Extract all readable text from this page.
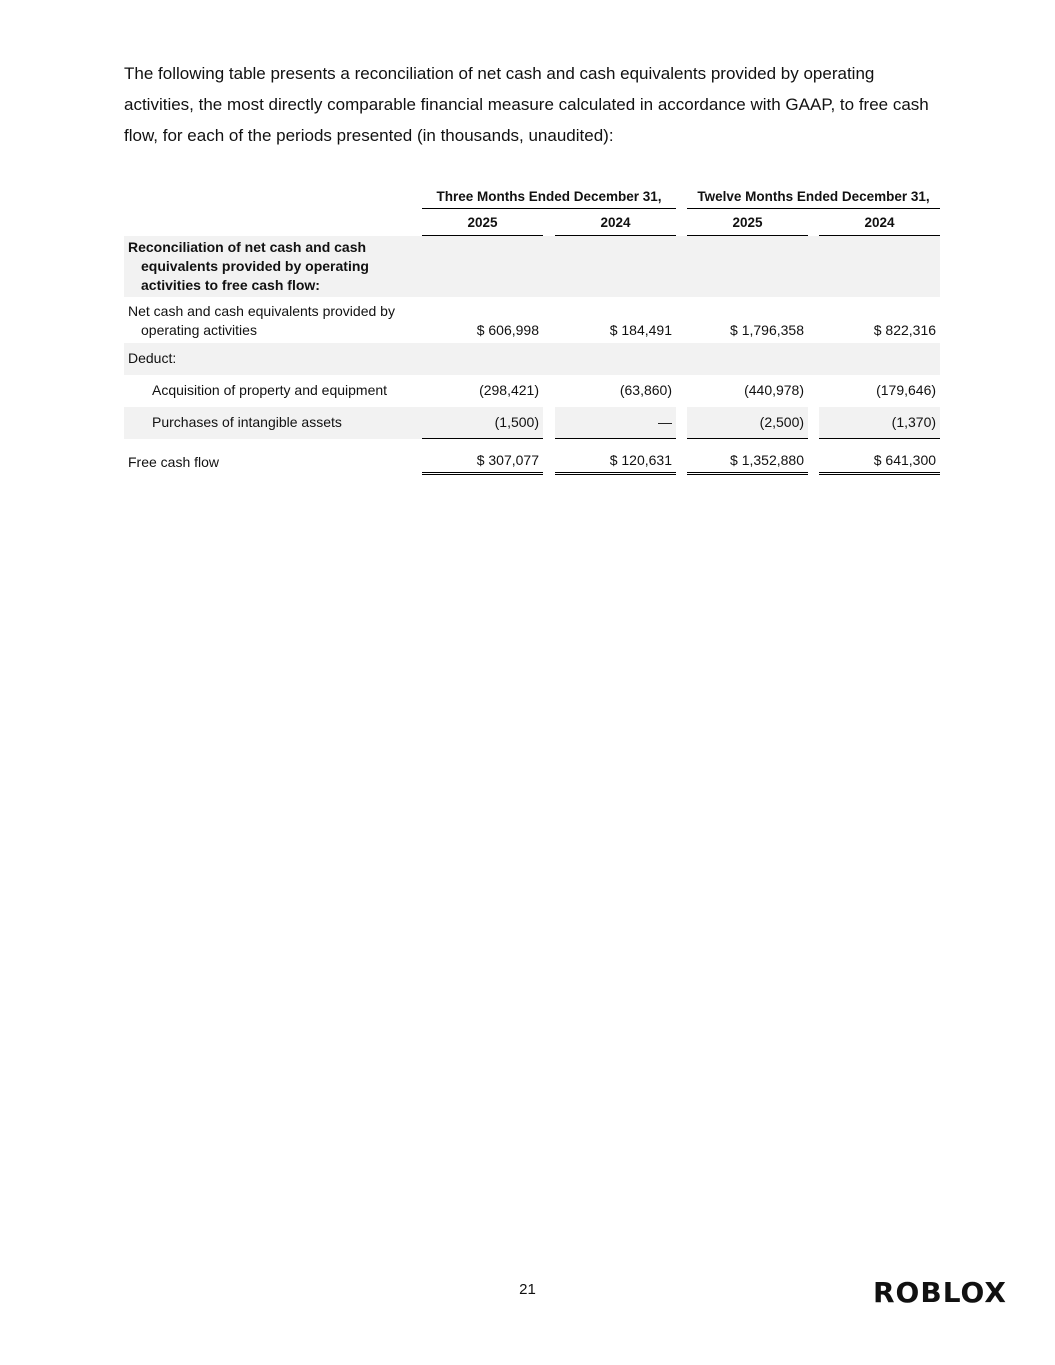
The following table presents a reconciliation of net cash and cash equivalents provided by operating activities, the most directly comparable financial measure calculated in accordance with GAAP, to free cash flow, for each of the periods presented (in thousands, unaudited):

	Three Months Ended December 31,				Twelve Months Ended December 31,		
	2025		2024		2025		2024

Reconciliation of net cash and cash equivalents provided by operating activities to free cash flow:							

Net cash and cash equivalents provided by operating activities	$ 606,998		$ 184,491		$ 1,796,358		$ 822,316
Deduct:							
Acquisition of property and equipment	(298,421)		(63,860)		(440,978)		(179,646)
Purchases of intangible assets	(1,500)		—		(2,500)		(1,370)
Free cash flow	$ 307,077		$ 120,631		$ 1,352,880		$ 641,300
21	ROBLOX
